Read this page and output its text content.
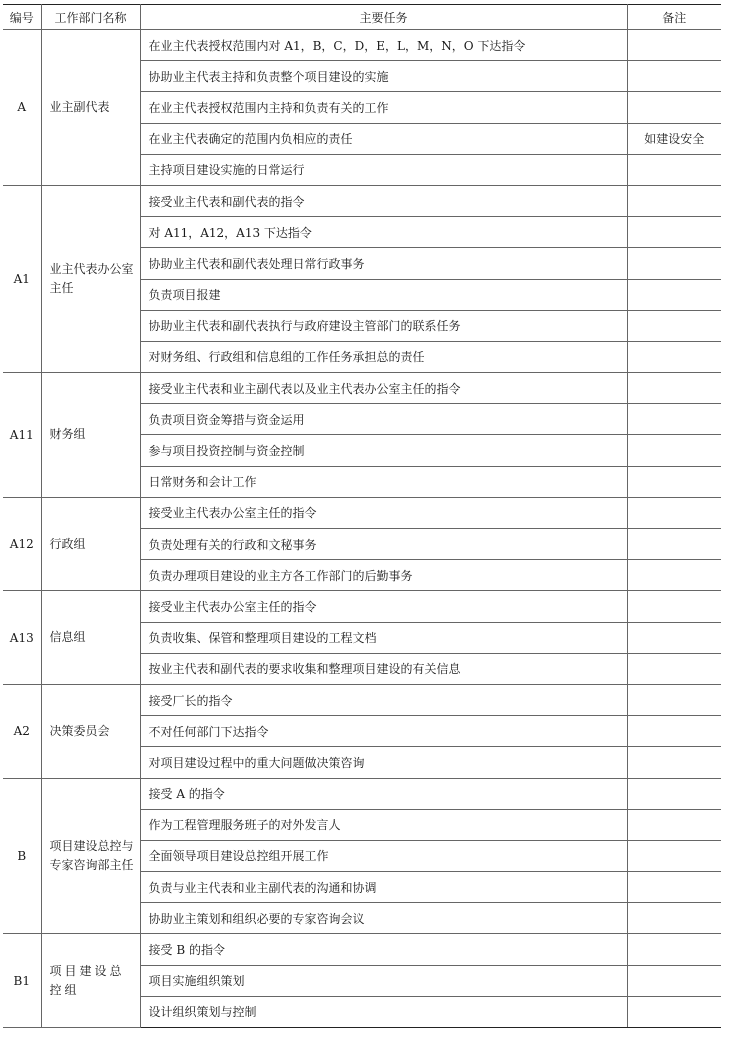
编号	工作部门名称	主要任务	备注
A	业主副代表	在业主代表授权范围内对 A1，B，C，D，E，L，M，N，O 下达指令	
		协助业主代表主持和负责整个项目建设的实施	
		在业主代表授权范围内主持和负责有关的工作	
		在业主代表确定的范围内负相应的责任	如建设安全
		主持项目建设实施的日常运行	
A1	业主代表办公室主任	接受业主代表和副代表的指令	
		对 A11，A12，A13 下达指令	
		协助业主代表和副代表处理日常行政事务	
		负责项目报建	
		协助业主代表和副代表执行与政府建设主管部门的联系任务	
		对财务组、行政组和信息组的工作任务承担总的责任	
A11	财务组	接受业主代表和业主副代表以及业主代表办公室主任的指令	
		负责项目资金筹措与资金运用	
		参与项目投资控制与资金控制	
		日常财务和会计工作	
A12	行政组	接受业主代表办公室主任的指令	
		负责处理有关的行政和文秘事务	
		负责办理项目建设的业主方各工作部门的后勤事务	
A13	信息组	接受业主代表办公室主任的指令	
		负责收集、保管和整理项目建设的工程文档	
		按业主代表和副代表的要求收集和整理项目建设的有关信息	
A2	决策委员会	接受厂长的指令	
		不对任何部门下达指令	
		对项目建设过程中的重大问题做决策咨询	
B	项目建设总控与专家咨询部主任	接受 A 的指令	
		作为工程管理服务班子的对外发言人	
		全面领导项目建设总控组开展工作	
		负责与业主代表和业主副代表的沟通和协调	
		协助业主策划和组织必要的专家咨询会议	
B1	项目建设总控组	接受 B 的指令	
		项目实施组织策划	
		设计组织策划与控制	
